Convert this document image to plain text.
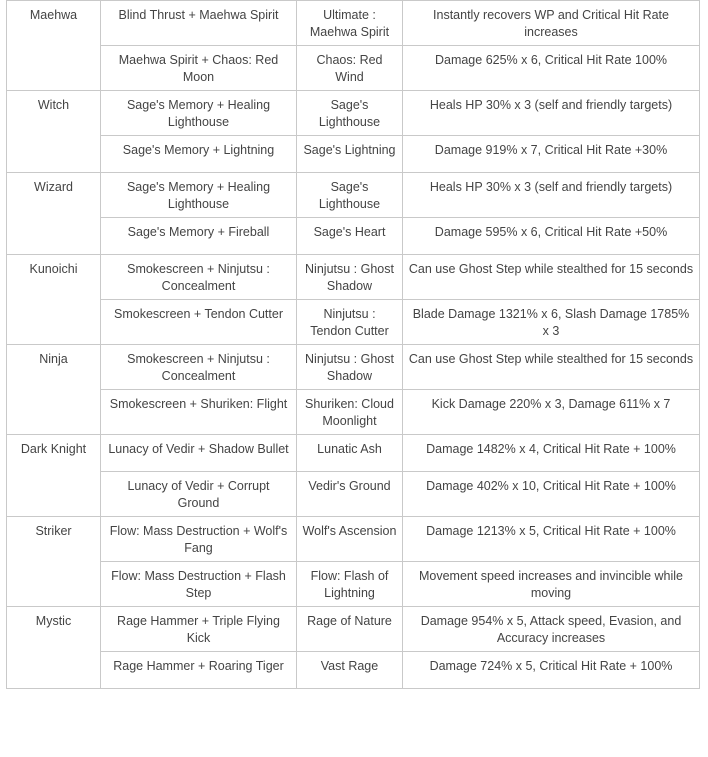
Maehwa	Blind Thrust + Maehwa Spirit	Ultimate : Maehwa Spirit	Instantly recovers WP and Critical Hit Rate increases
	Maehwa Spirit + Chaos: Red Moon	Chaos: Red Wind	Damage 625% x 6, Critical Hit Rate 100%
Witch	Sage's Memory + Healing Lighthouse	Sage's Lighthouse	Heals HP 30% x 3 (self and friendly targets)
	Sage's Memory + Lightning	Sage's Lightning	Damage 919% x 7, Critical Hit Rate +30%
Wizard	Sage's Memory + Healing Lighthouse	Sage's Lighthouse	Heals HP 30% x 3 (self and friendly targets)
	Sage's Memory + Fireball	Sage's Heart	Damage 595% x 6, Critical Hit Rate +50%
Kunoichi	Smokescreen + Ninjutsu : Concealment	Ninjutsu : Ghost Shadow	Can use Ghost Step while stealthed for 15 seconds
	Smokescreen + Tendon Cutter	Ninjutsu : Tendon Cutter	Blade Damage 1321% x 6, Slash Damage 1785% x 3
Ninja	Smokescreen + Ninjutsu : Concealment	Ninjutsu : Ghost Shadow	Can use Ghost Step while stealthed for 15 seconds
	Smokescreen + Shuriken: Flight	Shuriken: Cloud Moonlight	Kick Damage 220% x 3, Damage 611% x 7
Dark Knight	Lunacy of Vedir + Shadow Bullet	Lunatic Ash	Damage 1482% x 4, Critical Hit Rate + 100%
	Lunacy of Vedir + Corrupt Ground	Vedir's Ground	Damage 402% x 10, Critical Hit Rate + 100%
Striker	Flow: Mass Destruction + Wolf's Fang	Wolf's Ascension	Damage 1213% x 5, Critical Hit Rate + 100%
	Flow: Mass Destruction + Flash Step	Flow: Flash of Lightning	Movement speed increases and invincible while moving
Mystic	Rage Hammer + Triple Flying Kick	Rage of Nature	Damage 954% x 5, Attack speed, Evasion, and Accuracy increases
	Rage Hammer + Roaring Tiger	Vast Rage	Damage 724% x 5, Critical Hit Rate + 100%
